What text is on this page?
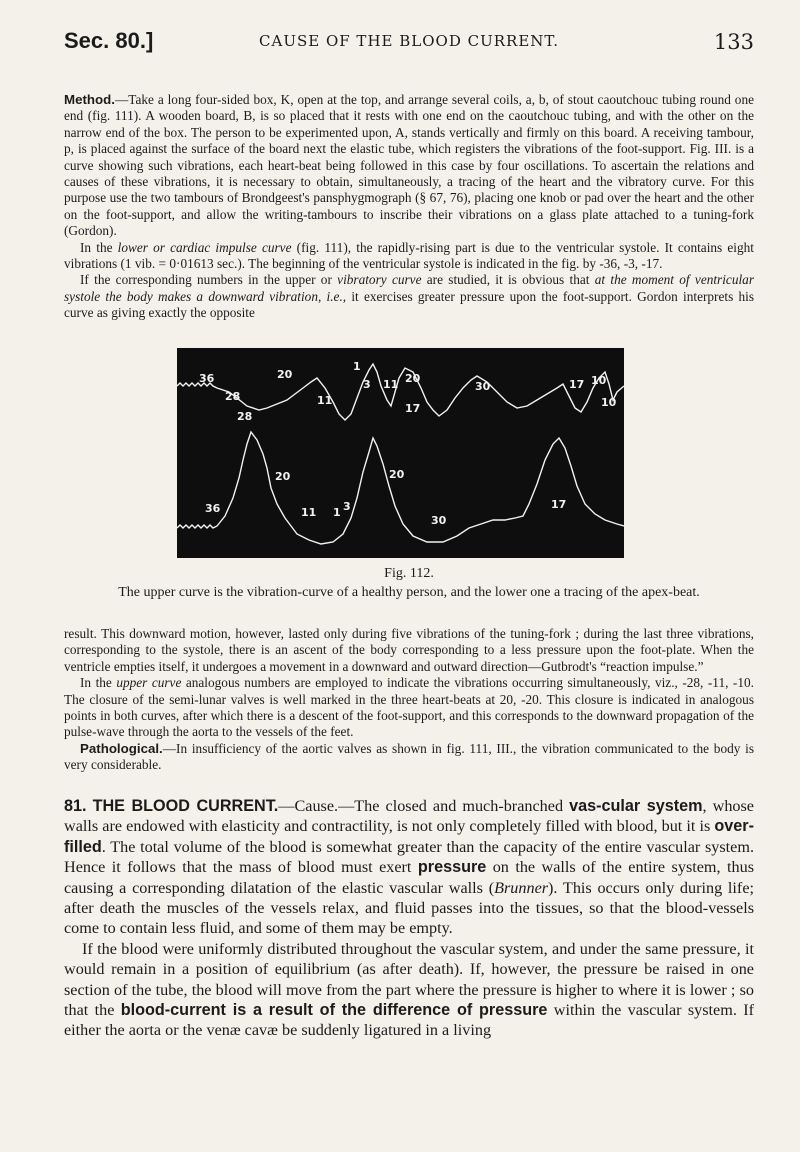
Sec. 80.]	CAUSE OF THE BLOOD CURRENT.	133

Method.—Take a long four-sided box, K, open at the top, and arrange several coils, a, b, of stout caoutchouc tubing round one end (fig. 111). A wooden board, B, is so placed that it rests with one end on the caoutchouc tubing, and with the other on the narrow end of the box. The person to be experimented upon, A, stands vertically and firmly on this board. A receiving tambour, p, is placed against the surface of the board next the elastic tube, which registers the vibrations of the foot-support. Fig. III. is a curve showing such vibrations, each heart-beat being followed in this case by four oscillations. To ascertain the relations and causes of these vibrations, it is necessary to obtain, simultaneously, a tracing of the heart and the vibratory curve. For this purpose use the two tambours of Brondgeest's pansphygmograph (§ 67, 76), placing one knob or pad over the heart and the other on the foot-support, and allow the writing-tambours to inscribe their vibrations on a glass plate attached to a tuning-fork (Gordon).

In the lower or cardiac impulse curve (fig. 111), the rapidly-rising part is due to the ventricular systole. It contains eight vibrations (1 vib. = 0·01613 sec.). The beginning of the ventricular systole is indicated in the fig. by -36, -3, -17.

If the corresponding numbers in the upper or vibratory curve are studied, it is obvious that at the moment of ventricular systole the body makes a downward vibration, i.e., it exercises greater pressure upon the foot-support. Gordon interprets his curve as giving exactly the opposite

36
28
20
1
3 11 20
30	17 10
28
11
17	10
36
20
11 1 3
20
30
17
Fig. 112.
The upper curve is the vibration-curve of a healthy person, and the lower one a tracing of the apex-beat.

result. This downward motion, however, lasted only during five vibrations of the tuning-fork ; during the last three vibrations, corresponding to the systole, there is an ascent of the body corresponding to a less pressure upon the foot-plate. When the ventricle empties itself, it undergoes a movement in a downward and outward direction—Gutbrodt's “reaction impulse.”

In the upper curve analogous numbers are employed to indicate the vibrations occurring simultaneously, viz., -28, -11, -10. The closure of the semi-lunar valves is well marked in the three heart-beats at 20, -20. This closure is indicated in analogous points in both curves, after which there is a descent of the foot-support, and this corresponds to the downward propagation of the pulse-wave through the aorta to the vessels of the feet.

Pathological.—In insufficiency of the aortic valves as shown in fig. 111, III., the vibration communicated to the body is very considerable.

81. THE BLOOD CURRENT.—Cause.—The closed and much-branched vas-cular system, whose walls are endowed with elasticity and contractility, is not only completely filled with blood, but it is over-filled. The total volume of the blood is somewhat greater than the capacity of the entire vascular system. Hence it follows that the mass of blood must exert pressure on the walls of the entire system, thus causing a corresponding dilatation of the elastic vascular walls (Brunner). This occurs only during life; after death the muscles of the vessels relax, and fluid passes into the tissues, so that the blood-vessels come to contain less fluid, and some of them may be empty.

If the blood were uniformly distributed throughout the vascular system, and under the same pressure, it would remain in a position of equilibrium (as after death). If, however, the pressure be raised in one section of the tube, the blood will move from the part where the pressure is higher to where it is lower ; so that the blood-current is a result of the difference of pressure within the vascular system. If either the aorta or the venæ cavæ be suddenly ligatured in a living
